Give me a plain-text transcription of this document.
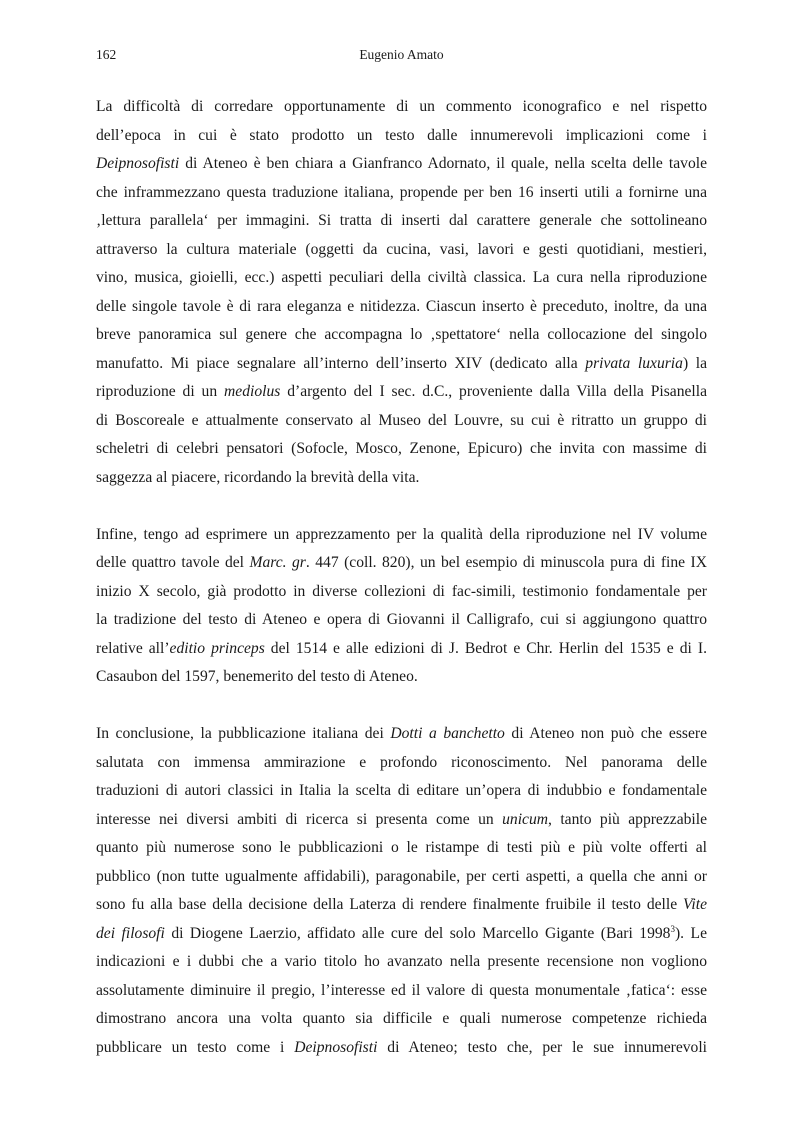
162	Eugenio Amato
La difficoltà di corredare opportunamente di un commento iconografico e nel rispetto
dell’epoca in cui è stato prodotto un testo dalle innumerevoli implicazioni come i
Deipnosofisti di Ateneo è ben chiara a Gianfranco Adornato, il quale, nella scelta delle tavole
che inframmezzano questa traduzione italiana, propende per ben 16 inserti utili a fornirne una
‚lettura parallela‘ per immagini. Si tratta di inserti dal carattere generale che sottolineano
attraverso la cultura materiale (oggetti da cucina, vasi, lavori e gesti quotidiani, mestieri,
vino, musica, gioielli, ecc.) aspetti peculiari della civiltà classica. La cura nella riproduzione
delle singole tavole è di rara eleganza e nitidezza. Ciascun inserto è preceduto, inoltre, da una
breve panoramica sul genere che accompagna lo ‚spettatore‘ nella collocazione del singolo
manufatto. Mi piace segnalare all’interno dell’inserto XIV (dedicato alla privata luxuria) la
riproduzione di un mediolus d’argento del I sec. d.C., proveniente dalla Villa della Pisanella
di Boscoreale e attualmente conservato al Museo del Louvre, su cui è ritratto un gruppo di
scheletri di celebri pensatori (Sofocle, Mosco, Zenone, Epicuro) che invita con massime di
saggezza al piacere, ricordando la brevità della vita.
Infine, tengo ad esprimere un apprezzamento per la qualità della riproduzione nel IV volume
delle quattro tavole del Marc. gr. 447 (coll. 820), un bel esempio di minuscola pura di fine IX
inizio X secolo, già prodotto in diverse collezioni di fac-simili, testimonio fondamentale per
la tradizione del testo di Ateneo e opera di Giovanni il Calligrafo, cui si aggiungono quattro
relative all’editio princeps del 1514 e alle edizioni di J. Bedrot e Chr. Herlin del 1535 e di I.
Casaubon del 1597, benemerito del testo di Ateneo.
In conclusione, la pubblicazione italiana dei Dotti a banchetto di Ateneo non può che essere
salutata con immensa ammirazione e profondo riconoscimento. Nel panorama delle
traduzioni di autori classici in Italia la scelta di editare un’opera di indubbio e fondamentale
interesse nei diversi ambiti di ricerca si presenta come un unicum, tanto più apprezzabile
quanto più numerose sono le pubblicazioni o le ristampe di testi più e più volte offerti al
pubblico (non tutte ugualmente affidabili), paragonabile, per certi aspetti, a quella che anni or
sono fu alla base della decisione della Laterza di rendere finalmente fruibile il testo delle Vite
dei filosofi di Diogene Laerzio, affidato alle cure del solo Marcello Gigante (Bari 1998$^3$). Le
indicazioni e i dubbi che a vario titolo ho avanzato nella presente recensione non vogliono
assolutamente diminuire il pregio, l’interesse ed il valore di questa monumentale ‚fatica‘: esse
dimostrano ancora una volta quanto sia difficile e quali numerose competenze richieda
pubblicare un testo come i Deipnosofisti di Ateneo; testo che, per le sue innumerevoli
